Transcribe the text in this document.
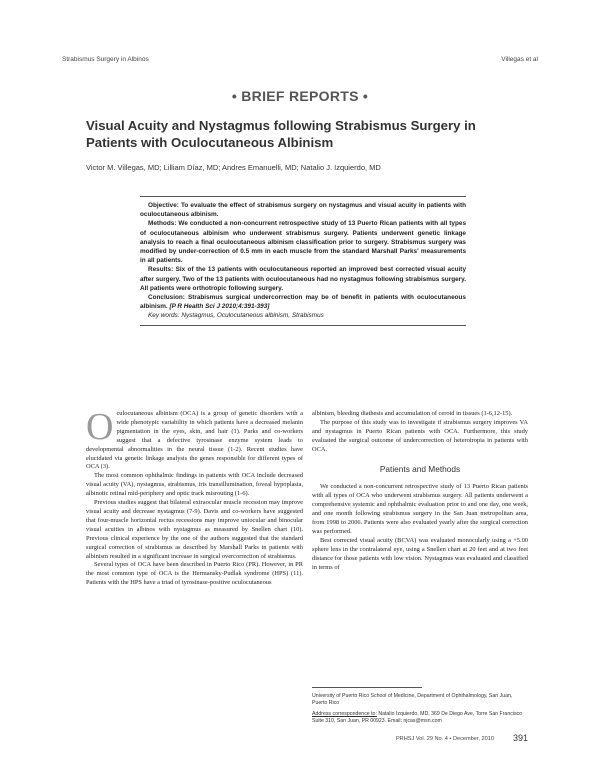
Strabismus Surgery in Albinos	Villegas et al
• BRIEF REPORTS •
Visual Acuity and Nystagmus following Strabismus Surgery in Patients with Oculocutaneous Albinism
Victor M. Villegas, MD; Lilliam Díaz, MD; Andres Emanuelli, MD; Natalio J. Izquierdo, MD

Objective: To evaluate the effect of strabismus surgery on nystagmus and visual acuity in patients with oculocutaneous albinism.

Methods: We conducted a non-concurrent retrospective study of 13 Puerto Rican patients with all types of oculocutaneous albinism who underwent strabismus surgery. Patients underwent genetic linkage analysis to reach a final oculocutaneous albinism classification prior to surgery. Strabismus surgery was modified by under-correction of 0.5 mm in each muscle from the standard Marshall Parks' measurements in all patients.

Results: Six of the 13 patients with oculocutaneous reported an improved best corrected visual acuity after surgery. Two of the 13 patients with oculocutaneous had no nystagmus following strabismus surgery. All patients were orthotropic following surgery.

Conclusion: Strabismus surgical undercorrection may be of benefit in patients with oculocutaneous albinism. [P R Health Sci J 2010;4:391-393]

Key words: Nystagmus, Oculocutaneous albinism, Strabismus

Oculocutaneous albinism (OCA) is a group of genetic disorders with a wide phenotypic variability in which patients have a decreased melanin pigmentation in the eyes, skin, and hair (1). Parks and co-workers suggest that a defective tyrosinase enzyme system leads to developmental abnormalities in the neural tissue (1-2). Recent studies have elucidated via genetic linkage analysis the genes responsible for different types of OCA (3).

The most common ophthalmic findings in patients with OCA include decreased visual acuity (VA), nystagmus, strabismus, iris transillumination, foveal hypoplasia, albinotic retinal mid-periphery and optic track misrouting (1-6).

Previous studies suggest that bilateral extraocular muscle recession may improve visual acuity and decrease nystagmus (7-9). Davis and co-workers have suggested that four-muscle horizontal rectus recessions may improve uniocular and binocular visual acuities in albinos with nystagmus as measured by Snellen chart (10). Previous clinical experience by the one of the authors suggested that the standard surgical correction of strabismus as described by Marshall Parks in patients with albinism resulted in a significant increase in surgical overcorrection of strabismus.

Several types of OCA have been described in Puerto Rico (PR). However, in PR the most common type of OCA is the Hermansky-Pudlak syndrome (HPS) (11). Patients with the HPS have a triad of tyrosinase-positive oculocutaneous

albinism, bleeding diathesis and accumulation of ceroid in tissues (1-6,12-15).

The purpose of this study was to investigate if strabismus surgery improves VA and nystagmus in Puerto Rican patients with OCA. Furthermore, this study evaluated the surgical outcome of undercorrection of heterotropia in patients with OCA.

Patients and Methods

We conducted a non-concurrent retrospective study of 13 Puerto Rican patients with all types of OCA who underwent strabismus surgery. All patients underwent a comprehensive systemic and ophthalmic evaluation prior to and one day, one week, and one month following strabismus surgery in the San Juan metropolitan area, from 1998 to 2006. Patients were also evaluated yearly after the surgical correction was performed.

Best corrected visual acuity (BCVA) was evaluated monocularly using a +5.00 sphere lens in the contralateral eye, using a Snellen chart at 20 feet and at two feet distance for those patients with low vision. Nystagmus was evaluated and classified in terms of

University of Puerto Rico School of Medicine, Department of Ophthalmology, San Juan, Puerto Rico

Address correspondence to: Natalio Izquierdo, MD, 369 De Diego Ave, Torre San Francisco Suite 310, San Juan, PR 00923. Email: njcas@msn.com

PRHSJ Vol. 29 No. 4 • December, 2010 391
